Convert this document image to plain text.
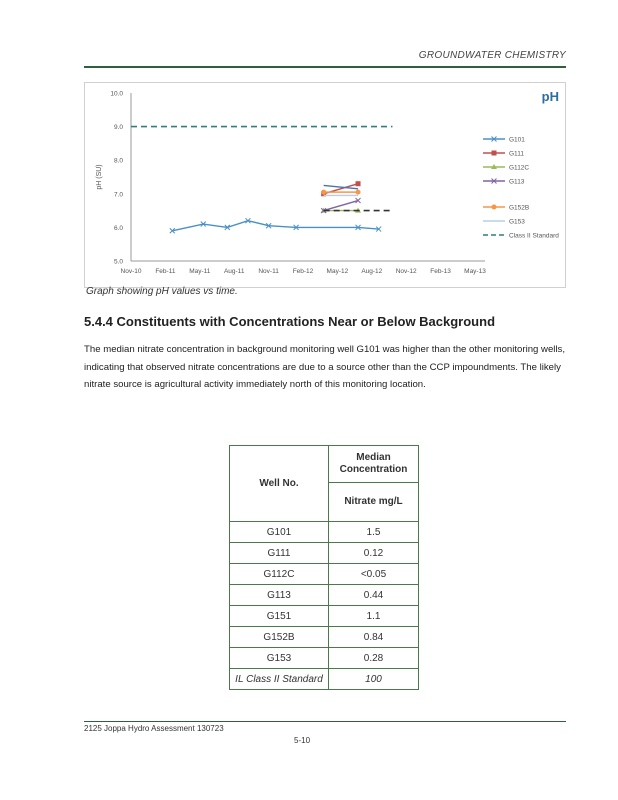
GROUNDWATER CHEMISTRY
pH
pH (SU)
10.0
9.0
8.0
7.0
6.0
5.0
Nov-10 Feb-11 May-11 Aug-11 Nov-11 Feb-12 May-12 Aug-12 Nov-12 Feb-13 May-13
G101
G111
G112C
G113
G152B
G153
Class II Standard
Graph showing pH values vs time.
5.4.4 Constituents with Concentrations Near or Below Background
The median nitrate concentration in background monitoring well G101 was higher than the other monitoring wells, indicating that observed nitrate concentrations are due to a source other than the CCP impoundments. The likely nitrate source is agricultural activity immediately north of this monitoring location.
Well No.	Median Concentration
	Nitrate mg/L
G101	1.5
G111	0.12
G112C	<0.05
G113	0.44
G151	1.1
G152B	0.84
G153	0.28
IL Class II Standard	100
2125 Joppa Hydro Assessment 130723
5-10
